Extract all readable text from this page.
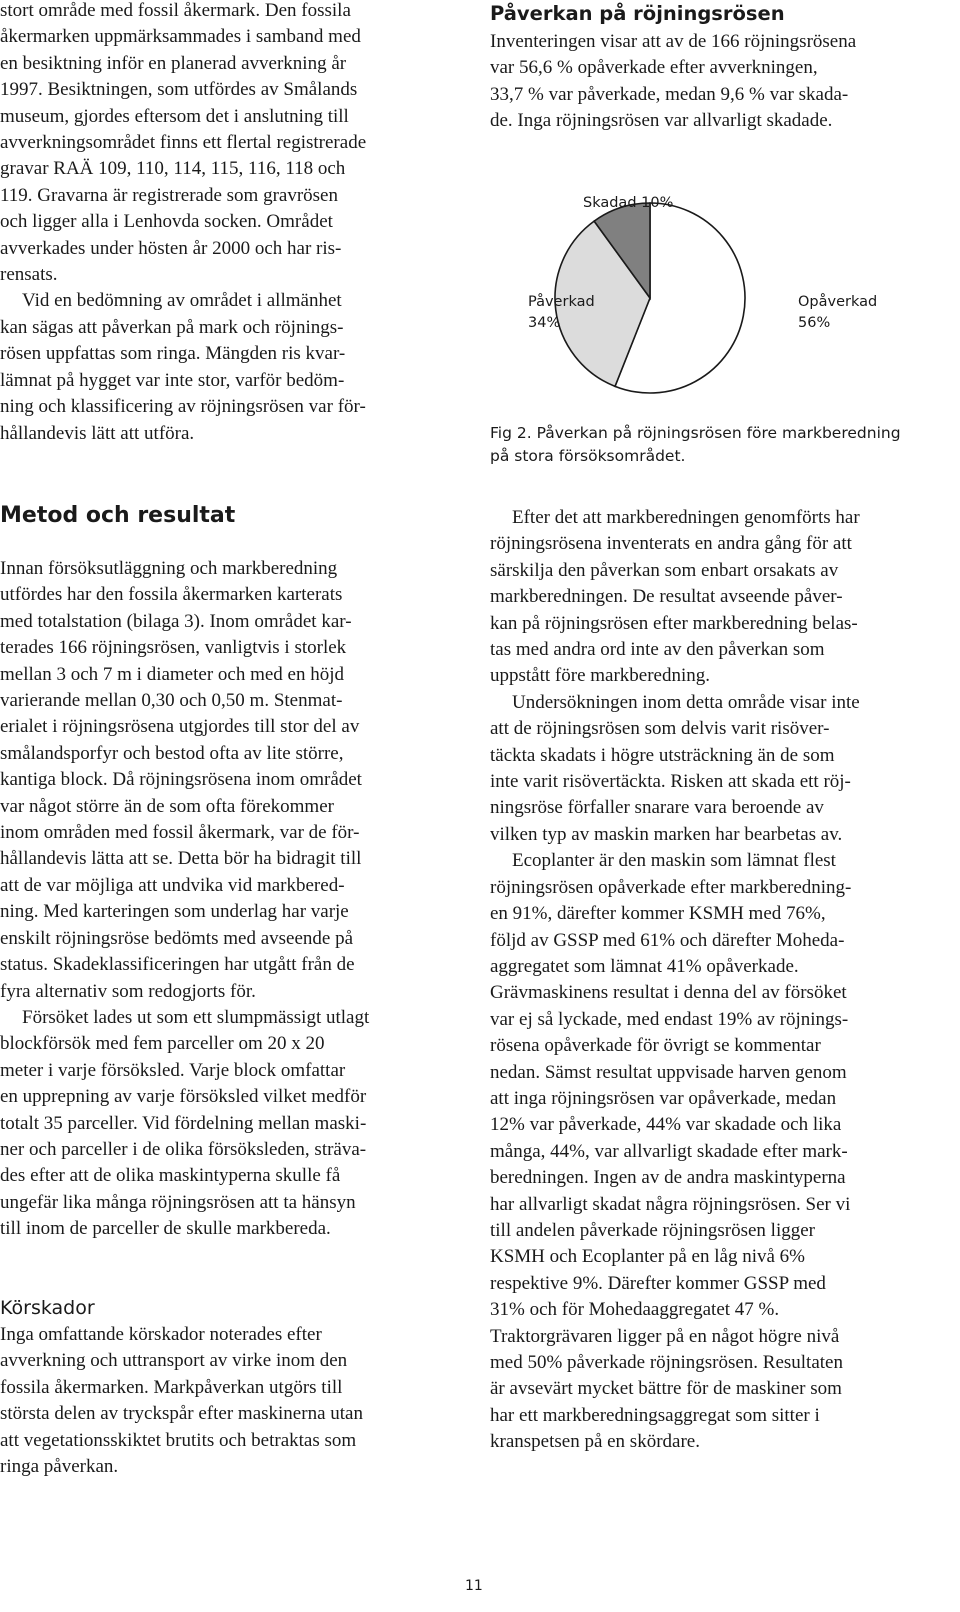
stort område med fossil åkermark. Den fossila

åkermarken uppmärksammades i samband med

en besiktning inför en planerad avverkning år

1997. Besiktningen, som utfördes av Smålands

museum, gjordes eftersom det i anslutning till

avverkningsområdet finns ett flertal registrerade

gravar RAÄ 109, 110, 114, 115, 116, 118 och

119. Gravarna är registrerade som gravrösen

och ligger alla i Lenhovda socken. Området

avverkades under hösten år 2000 och har ris-

rensats.

Vid en bedömning av området i allmänhet

kan sägas att påverkan på mark och röjnings-

rösen uppfattas som ringa. Mängden ris kvar-

lämnat på hygget var inte stor, varför bedöm-

ning och klassificering av röjningsrösen var för-

hållandevis lätt att utföra.

Påverkan på röjningsrösen

Inventeringen visar att av de 166 röjningsrösena

var 56,6 % opåverkade efter avverkningen,

33,7 % var påverkade, medan 9,6 % var skada-

de. Inga röjningsrösen var allvarligt skadade.

Skadad 10%
Påverkad
34%
Opåverkad
56%
Fig 2. Påverkan på röjningsrösen före markberedning
på stora försöksområdet.
Metod och resultat

Innan försöksutläggning och markberedning

utfördes har den fossila åkermarken karterats

med totalstation (bilaga 3). Inom området kar-

terades 166 röjningsrösen, vanligtvis i storlek

mellan 3 och 7 m i diameter och med en höjd

varierande mellan 0,30 och 0,50 m. Stenmat-

erialet i röjningsrösena utgjordes till stor del av

smålandsporfyr och bestod ofta av lite större,

kantiga block. Då röjningsrösena inom området

var något större än de som ofta förekommer

inom områden med fossil åkermark, var de för-

hållandevis lätta att se. Detta bör ha bidragit till

att de var möjliga att undvika vid markbered-

ning. Med karteringen som underlag har varje

enskilt röjningsröse bedömts med avseende på

status. Skadeklassificeringen har utgått från de

fyra alternativ som redogjorts för.

Försöket lades ut som ett slumpmässigt utlagt

blockförsök med fem parceller om 20 x 20

meter i varje försöksled. Varje block omfattar

en upprepning av varje försöksled vilket medför

totalt 35 parceller. Vid fördelning mellan maski-

ner och parceller i de olika försöksleden, sträva-

des efter att de olika maskintyperna skulle få

ungefär lika många röjningsrösen att ta hänsyn

till inom de parceller de skulle markbereda.

Körskador

Inga omfattande körskador noterades efter

avverkning och uttransport av virke inom den

fossila åkermarken. Markpåverkan utgörs till

största delen av tryckspår efter maskinerna utan

att vegetationsskiktet brutits och betraktas som

ringa påverkan.

Efter det att markberedningen genomförts har

röjningsrösena inventerats en andra gång för att

särskilja den påverkan som enbart orsakats av

markberedningen. De resultat avseende påver-

kan på röjningsrösen efter markberedning belas-

tas med andra ord inte av den påverkan som

uppstått före markberedning.

Undersökningen inom detta område visar inte

att de röjningsrösen som delvis varit risöver-

täckta skadats i högre utsträckning än de som

inte varit risövertäckta. Risken att skada ett röj-

ningsröse förfaller snarare vara beroende av

vilken typ av maskin marken har bearbetas av.

Ecoplanter är den maskin som lämnat flest

röjningsrösen opåverkade efter markberedning-

en 91%, därefter kommer KSMH med 76%,

följd av GSSP med 61% och därefter Moheda-

aggregatet som lämnat 41% opåverkade.

Grävmaskinens resultat i denna del av försöket

var ej så lyckade, med endast 19% av röjnings-

rösena opåverkade för övrigt se kommentar

nedan. Sämst resultat uppvisade harven genom

att inga röjningsrösen var opåverkade, medan

12% var påverkade, 44% var skadade och lika

många, 44%, var allvarligt skadade efter mark-

beredningen. Ingen av de andra maskintyperna

har allvarligt skadat några röjningsrösen. Ser vi

till andelen påverkade röjningsrösen ligger

KSMH och Ecoplanter på en låg nivå 6%

respektive 9%. Därefter kommer GSSP med

31% och för Mohedaaggregatet 47 %.

Traktorgrävaren ligger på en något högre nivå

med 50% påverkade röjningsrösen. Resultaten

är avsevärt mycket bättre för de maskiner som

har ett markberedningsaggregat som sitter i

kranspetsen på en skördare.

11
